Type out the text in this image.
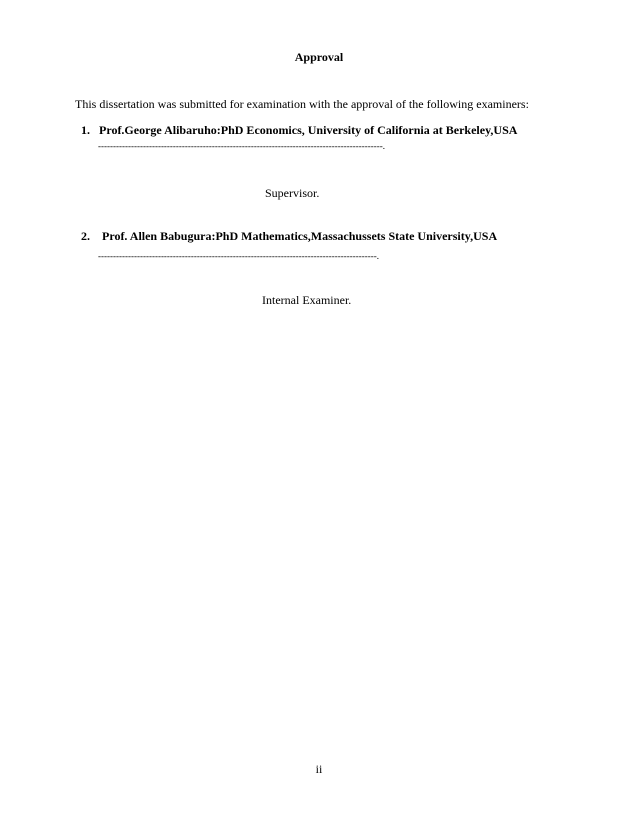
Approval
This dissertation was submitted for examination with the approval of the following examiners:
1. Prof.George Alibaruho:PhD Economics, University of California at Berkeley,USA
-----------------------------------------------------------------------------------------------.
Supervisor.
2. Prof. Allen Babugura:PhD Mathematics,Massachussets State University,USA
---------------------------------------------------------------------------------------------.
Internal Examiner.
ii
